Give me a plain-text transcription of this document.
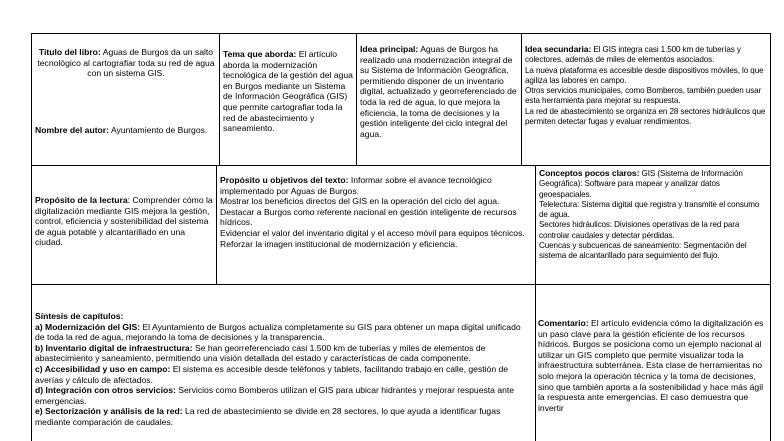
Titulo del libro: Aguas de Burgos da un salto tecnológico al cartografiar toda su red de agua con un sistema GIS.
Nombre del autor: Ayuntamiento de Burgos.
Tema que aborda: El artículo aborda la modernización tecnológica de la gestión del agua en Burgos mediante un Sistema de Información Geográfica (GIS) que permite cartografiar toda la red de abastecimiento y saneamiento.
Idea principal: Aguas de Burgos ha realizado una modernización integral de su Sistema de Información Geográfica, permitiendo disponer de un inventario digital, actualizado y georreferenciado de toda la red de agua, lo que mejora la eficiencia, la toma de decisiones y la gestión inteligente del ciclo integral del agua.
Idea secundaria: El GIS integra casi 1.500 km de tuberías y colectores, además de miles de elementos asociados.
La nueva plataforma es accesible desde dispositivos móviles, lo que agiliza las labores en campo.
Otros servicios municipales, como Bomberos, también pueden usar esta herramienta para mejorar su respuesta.
La red de abastecimiento se organiza en 28 sectores hidráulicos que permiten detectar fugas y evaluar rendimientos.
Propósito de la lectura: Comprender cómo la digitalización mediante GIS mejora la gestión, control, eficiencia y sostenibilidad del sistema de agua potable y alcantarillado en una ciudad.
Propósito u objetivos del texto: Informar sobre el avance tecnológico implementado por Aguas de Burgos.
Mostrar los beneficios directos del GIS en la operación del ciclo del agua.
Destacar a Burgos como referente nacional en gestión inteligente de recursos hídricos.
Evidenciar el valor del inventario digital y el acceso móvil para equipos técnicos.
Reforzar la imagen institucional de modernización y eficiencia.
Conceptos pocos claros: GIS (Sistema de Información Geográfica): Software para mapear y analizar datos geoespaciales.
Telelectura: Sistema digital que registra y transmite el consumo de agua.
Sectores hidráulicos: Divisiones operativas de la red para controlar caudales y detectar pérdidas.
Cuencas y subcuencas de saneamiento: Segmentación del sistema de alcantarillado para seguimiento del flujo.

Síntesis de capítulos:

a) Modernización del GIS: El Ayuntamiento de Burgos actualiza completamente su GIS para obtener un mapa digital unificado de toda la red de agua, mejorando la toma de decisiones y la transparencia.

b) Inventario digital de infraestructura: Se han georreferenciado casi 1.500 km de tuberías y miles de elementos de abastecimiento y saneamiento, permitiendo una visión detallada del estado y características de cada componente.

c) Accesibilidad y uso en campo: El sistema es accesible desde teléfonos y tablets, facilitando trabajo en calle, gestión de averías y cálculo de afectados.

d) Integración con otros servicios: Servicios como Bomberos utilizan el GIS para ubicar hidrantes y mejorar respuesta ante emergencias.

e) Sectorización y análisis de la red: La red de abastecimiento se divide en 28 sectores, lo que ayuda a identificar fugas mediante comparación de caudales.

Comentario: El artículo evidencia cómo la digitalización es un paso clave para la gestión eficiente de los recursos hídricos. Burgos se posiciona como un ejemplo nacional al utilizar un GIS completo que permite visualizar toda la infraestructura subterránea. Esta clase de herramientas no solo mejora la operación técnica y la toma de decisiones, sino que también aporta a la sostenibilidad y hace más ágil la respuesta ante emergencias. El caso demuestra que invertir
